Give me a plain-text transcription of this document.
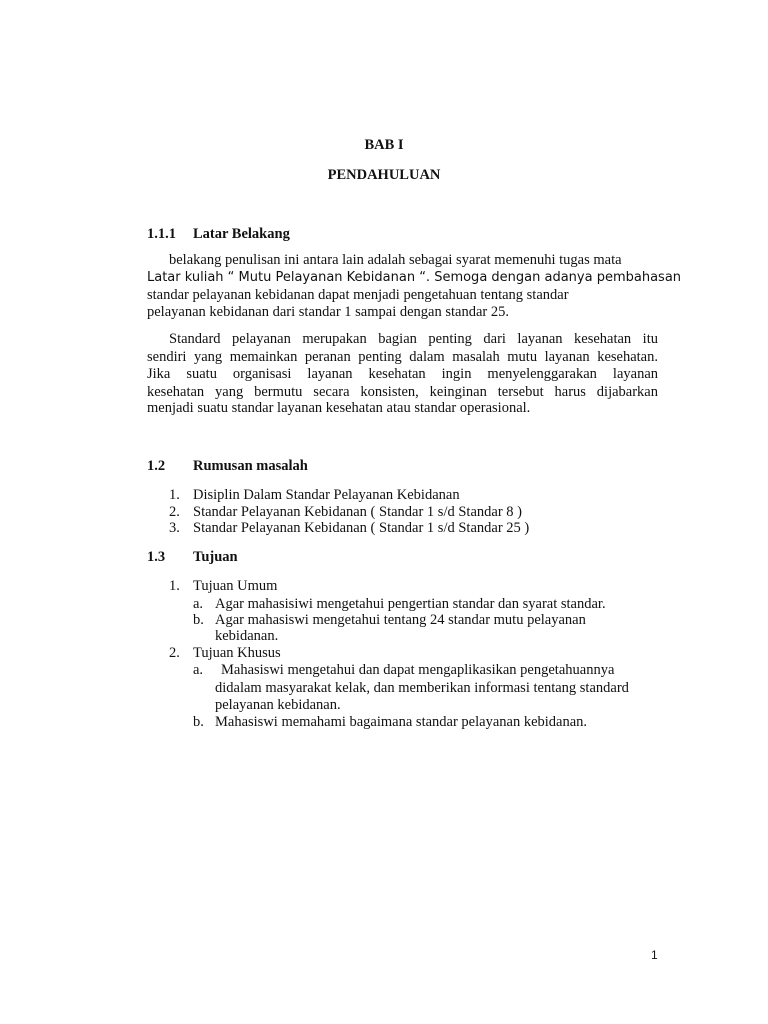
BAB I
PENDAHULUAN
1.1.1 Latar Belakang
belakang penulisan ini antara lain adalah sebagai syarat memenuhi tugas mata
Latar kuliah “ Mutu Pelayanan Kebidanan “. Semoga dengan adanya pembahasan
standar pelayanan kebidanan dapat menjadi pengetahuan tentang standar
pelayanan kebidanan dari standar 1 sampai dengan standar 25.
Standard pelayanan merupakan bagian penting dari layanan kesehatan itu
sendiri yang memainkan peranan penting dalam masalah mutu layanan kesehatan.
Jika suatu organisasi layanan kesehatan ingin menyelenggarakan layanan
kesehatan yang bermutu secara konsisten, keinginan tersebut harus dijabarkan
menjadi suatu standar layanan kesehatan atau standar operasional.
1.2 Rumusan masalah
1. Disiplin Dalam Standar Pelayanan Kebidanan
2. Standar Pelayanan Kebidanan ( Standar 1 s/d Standar 8 )
3. Standar Pelayanan Kebidanan ( Standar 1 s/d Standar 25 )
1.3 Tujuan
1. Tujuan Umum
a. Agar mahasisiwi mengetahui pengertian standar dan syarat standar.
b. Agar mahasiswi mengetahui tentang 24 standar mutu pelayanan
kebidanan.
2. Tujuan Khusus
a. Mahasiswi mengetahui dan dapat mengaplikasikan pengetahuannya
didalam masyarakat kelak, dan memberikan informasi tentang standard
pelayanan kebidanan.
b. Mahasiswi memahami bagaimana standar pelayanan kebidanan.
1
